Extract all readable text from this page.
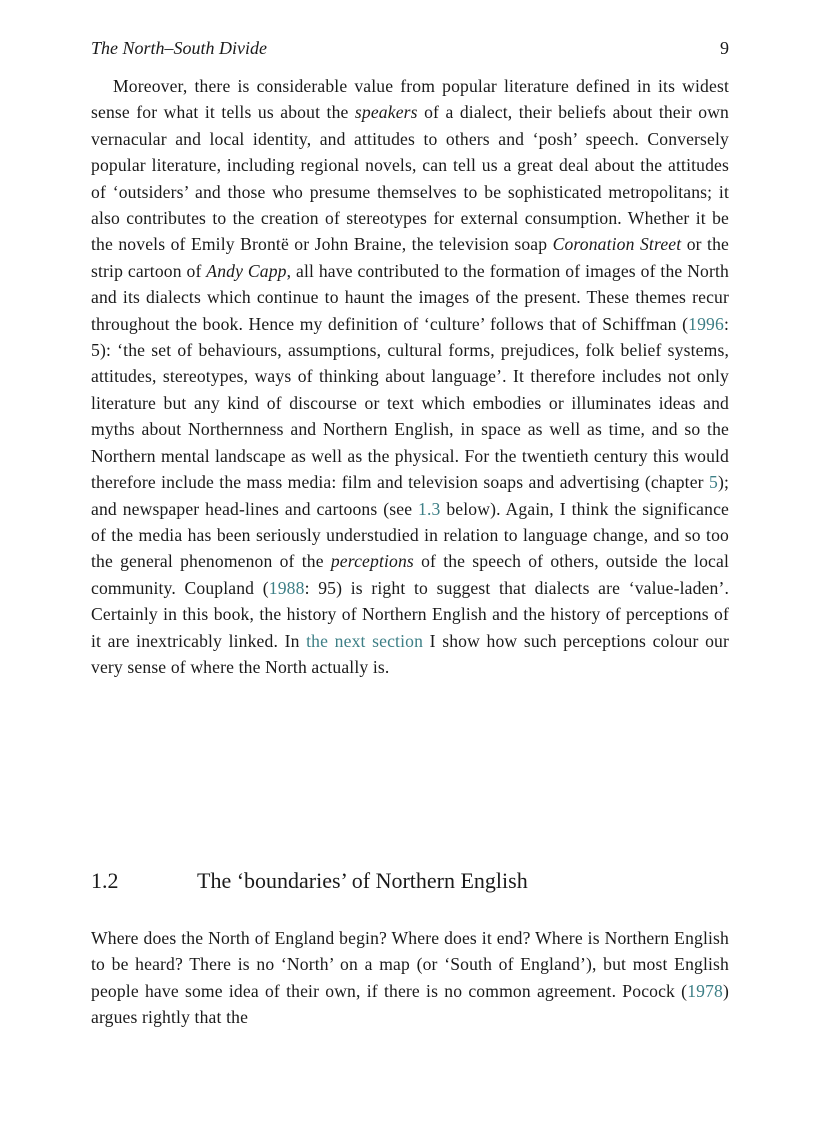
The North–South Divide	9

Moreover, there is considerable value from popular literature defined in its widest sense for what it tells us about the speakers of a dialect, their beliefs about their own vernacular and local identity, and attitudes to others and ‘posh’ speech. Conversely popular literature, including regional novels, can tell us a great deal about the attitudes of ‘outsiders’ and those who presume themselves to be sophisticated metropolitans; it also contributes to the creation of stereotypes for external consumption. Whether it be the novels of Emily Brontë or John Braine, the television soap Coronation Street or the strip cartoon of Andy Capp, all have contributed to the formation of images of the North and its dialects which continue to haunt the images of the present. These themes recur throughout the book. Hence my definition of ‘culture’ follows that of Schiffman (1996: 5): ‘the set of behaviours, assumptions, cultural forms, prejudices, folk belief systems, attitudes, stereotypes, ways of thinking about language’. It therefore includes not only literature but any kind of discourse or text which embodies or illuminates ideas and myths about Northernness and Northern English, in space as well as time, and so the Northern mental landscape as well as the physical. For the twentieth century this would therefore include the mass media: film and television soaps and advertising (chapter 5); and newspaper head-lines and cartoons (see 1.3 below). Again, I think the significance of the media has been seriously understudied in relation to language change, and so too the general phenomenon of the perceptions of the speech of others, outside the local community. Coupland (1988: 95) is right to suggest that dialects are ‘value-laden’. Certainly in this book, the history of Northern English and the history of perceptions of it are inextricably linked. In the next section I show how such perceptions colour our very sense of where the North actually is.

1.2	The ‘boundaries’ of Northern English

Where does the North of England begin? Where does it end? Where is Northern English to be heard? There is no ‘North’ on a map (or ‘South of England’), but most English people have some idea of their own, if there is no common agreement. Pocock (1978) argues rightly that the
